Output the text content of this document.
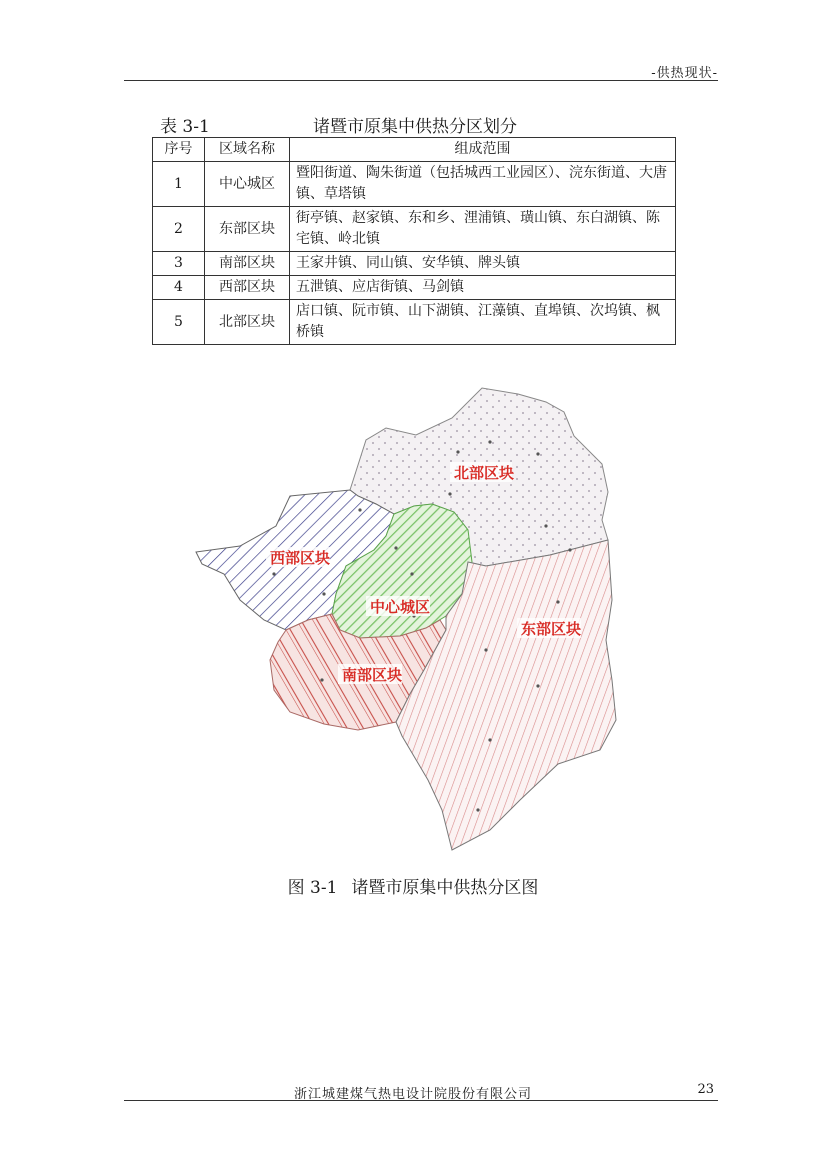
-供热现状-
表 3-1	诸暨市原集中供热分区划分
序号	区域名称	组成范围
1	中心城区	暨阳街道、陶朱街道（包括城西工业园区）、浣东街道、大唐镇、草塔镇
2	东部区块	街亭镇、赵家镇、东和乡、浬浦镇、璜山镇、东白湖镇、陈宅镇、岭北镇
3	南部区块	王家井镇、同山镇、安华镇、牌头镇
4	西部区块	五泄镇、应店街镇、马剑镇
5	北部区块	店口镇、阮市镇、山下湖镇、江藻镇、直埠镇、次坞镇、枫桥镇
北部区块
西部区块
中心城区
东部区块
南部区块
图 3-1 诸暨市原集中供热分区图
浙江城建煤气热电设计院股份有限公司	23
